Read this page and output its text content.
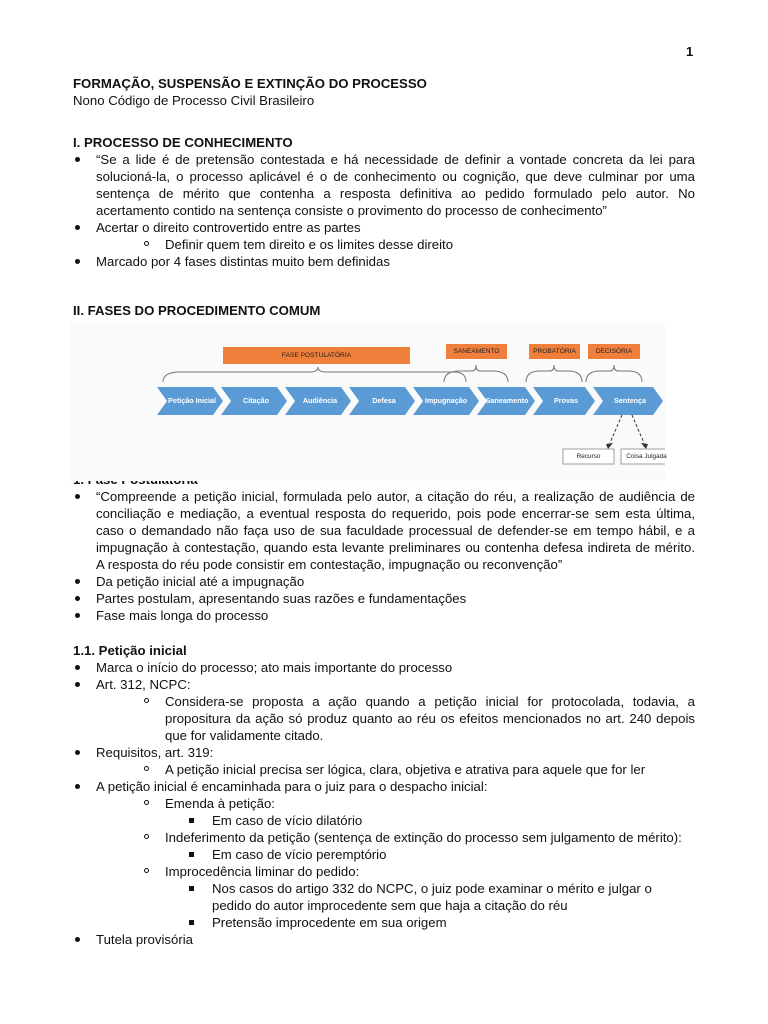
1
FORMAÇÃO, SUSPENSÃO E EXTINÇÃO DO PROCESSO
Nono Código de Processo Civil Brasileiro
I. PROCESSO DE CONHECIMENTO
“Se a lide é de pretensão contestada e há necessidade de definir a vontade concreta da lei para solucioná-la, o processo aplicável é o de conhecimento ou cognição, que deve culminar por uma sentença de mérito que contenha a resposta definitiva ao pedido formulado pelo autor. No acertamento contido na sentença consiste o provimento do processo de conhecimento”
Acertar o direito controvertido entre as partes
Definir quem tem direito e os limites desse direito
Marcado por 4 fases distintas muito bem definidas
II. FASES DO PROCEDIMENTO COMUM
FASE POSTULATÓRIA
SANEAMENTO	PROBATÓRIA	DECISÓRIA
Petição Inicial	Citação	Audiência	Defesa	Impugnação	Saneamento	Provas	Sentença
Recurso	Coisa Julgada
“Compreende a petição inicial, formulada pelo autor, a citação do réu, a realização de audiência de conciliação e mediação, a eventual resposta do requerido, pois pode encerrar-se sem esta última, caso o demandado não faça uso de sua faculdade processual de defender-se em tempo hábil, e a impugnação à contestação, quando esta levante preliminares ou contenha defesa indireta de mérito. A resposta do réu pode consistir em contestação, impugnação ou reconvenção”
Da petição inicial até a impugnação
Partes postulam, apresentando suas razões e fundamentações
Fase mais longa do processo
1.1. Petição inicial
Marca o início do processo; ato mais importante do processo
Art. 312, NCPC:
Considera-se proposta a ação quando a petição inicial for protocolada, todavia, a propositura da ação só produz quanto ao réu os efeitos mencionados no art. 240 depois que for validamente citado.
Requisitos, art. 319:
A petição inicial precisa ser lógica, clara, objetiva e atrativa para aquele que for ler
A petição inicial é encaminhada para o juiz para o despacho inicial:
Emenda à petição:
Em caso de vício dilatório
Indeferimento da petição (sentença de extinção do processo sem julgamento de mérito):
Em caso de vício peremptório
Improcedência liminar do pedido:
Nos casos do artigo 332 do NCPC, o juiz pode examinar o mérito e julgar o pedido do autor improcedente sem que haja a citação do réu
Pretensão improcedente em sua origem
Tutela provisória
